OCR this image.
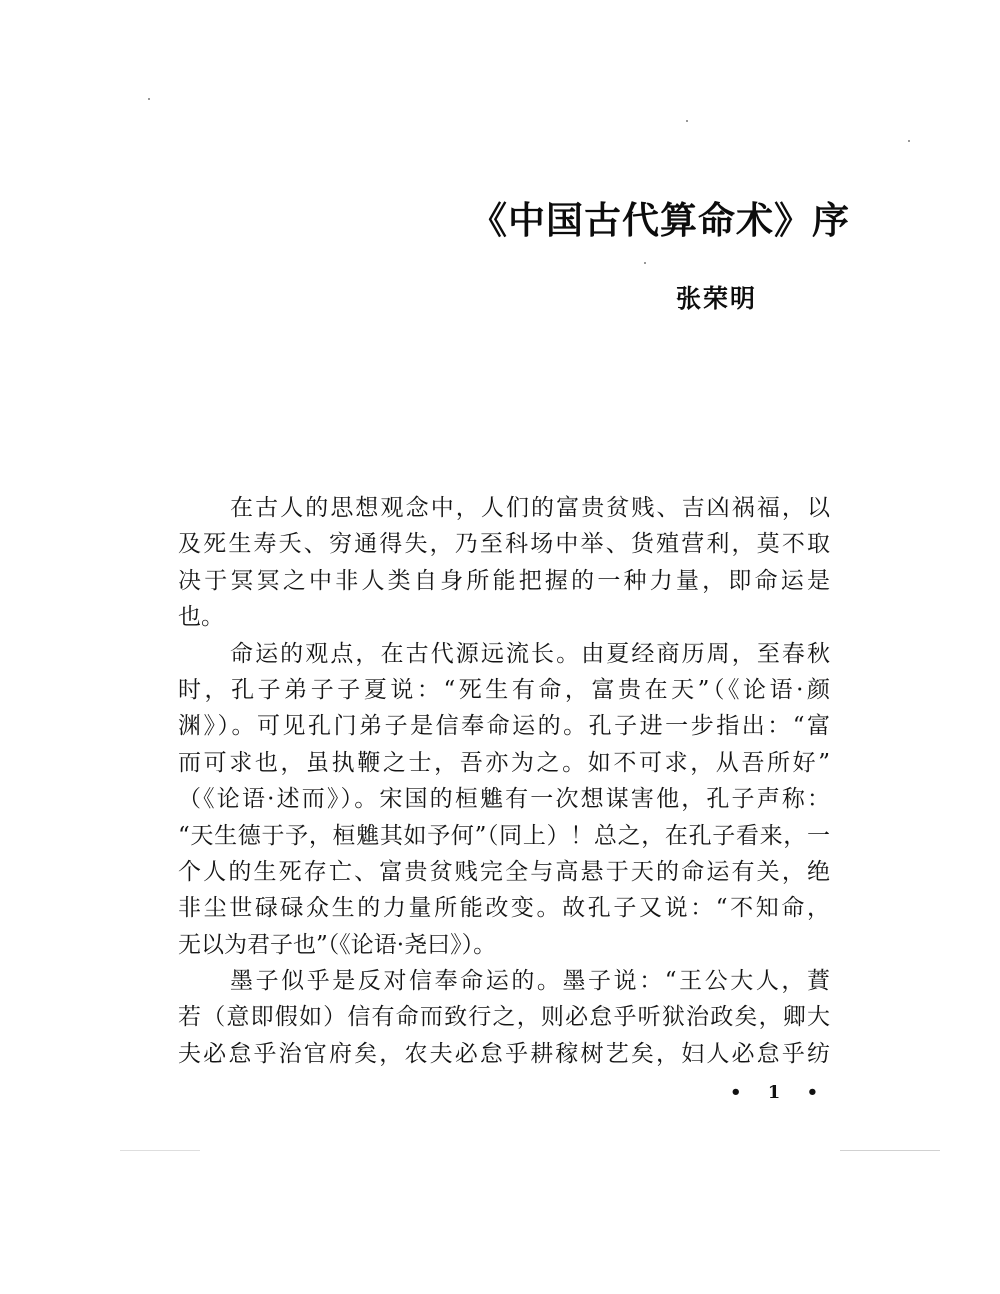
《中国古代算命术》序
张荣明
在古人的思想观念中，人们的富贵贫贱、吉凶祸福，以
及死生寿夭、穷通得失，乃至科场中举、货殖营利，莫不取
决于冥冥之中非人类自身所能把握的一种力量，即命运是
也。
命运的观点，在古代源远流长。由夏经商历周，至春秋
时，孔子弟子子夏说：“死生有命，富贵在天”（《论语·颜
渊》）。可见孔门弟子是信奉命运的。孔子进一步指出：“富
而可求也，虽执鞭之士，吾亦为之。如不可求，从吾所好”
（《论语·述而》）。宋国的桓魋有一次想谋害他，孔子声称：
“天生德于予，桓魋其如予何”（同上）！总之，在孔子看来，一
个人的生死存亡、富贵贫贱完全与高悬于天的命运有关，绝
非尘世碌碌众生的力量所能改变。故孔子又说：“不知命，
无以为君子也”（《论语·尧曰》）。
墨子似乎是反对信奉命运的。墨子说：“王公大人，蕡
若（意即假如）信有命而致行之，则必怠乎听狱治政矣，卿大
夫必怠乎治官府矣，农夫必怠乎耕稼树艺矣，妇人必怠乎纺
• 1 •
